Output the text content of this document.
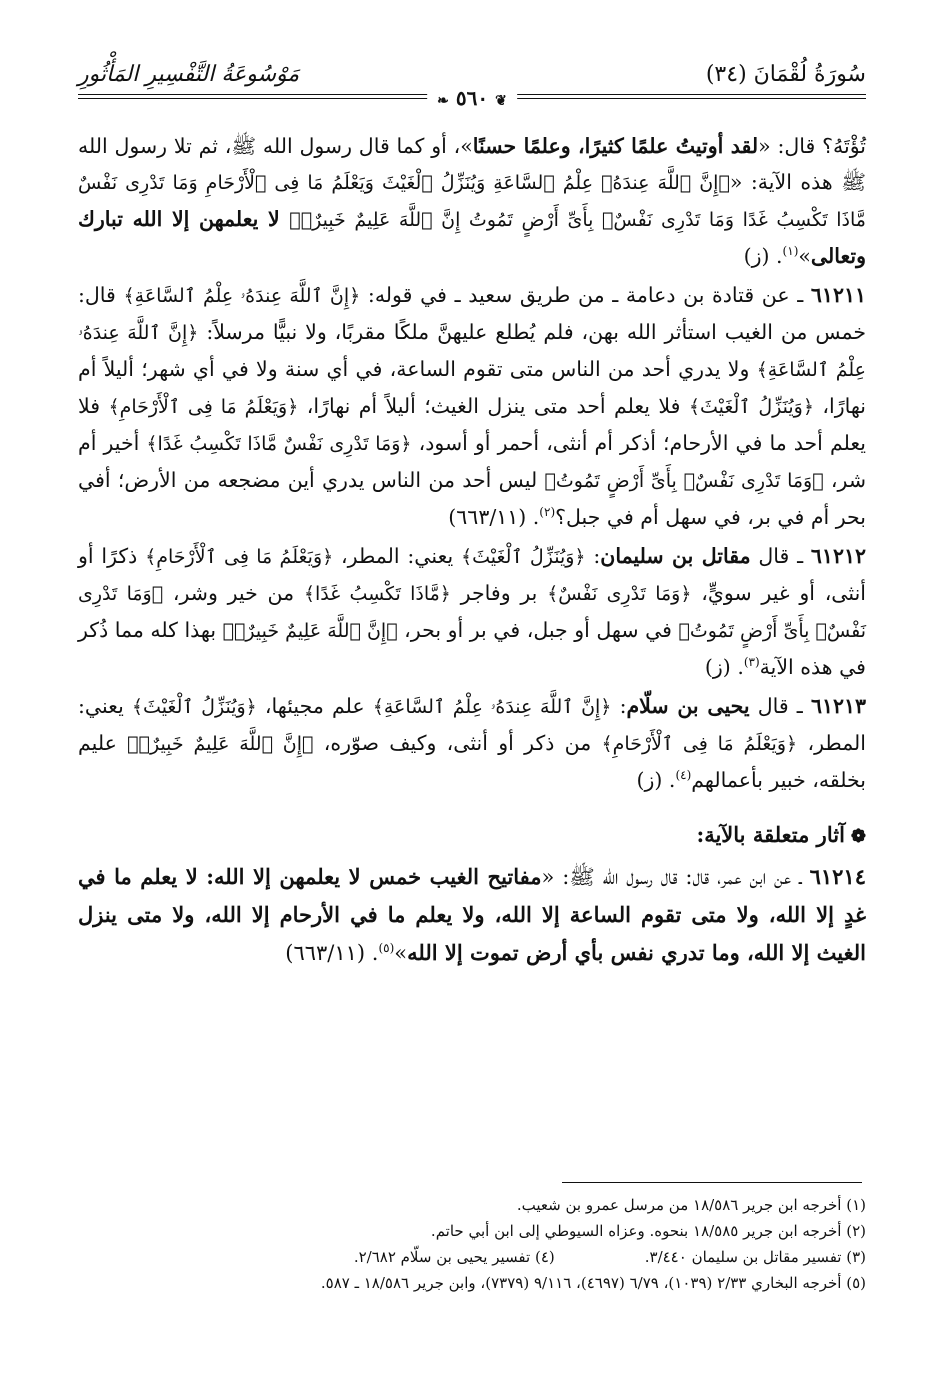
سُورَةُ لُقْمَانَ (٣٤)
مَوْسُوعَةُ التَّفْسِيرِ المَأْثُورِ
❦ ٥٦٠ ❧

تُؤْتَهُ؟ قال: «لقد أوتيتُ علمًا كثيرًا، وعلمًا حسنًا»، أو كما قال رسول الله ﷺ، ثم تلا رسول الله ﷺ هذه الآية: «﴿إِنَّ ٱللَّهَ عِندَهُۥ عِلْمُ ٱلسَّاعَةِ وَيُنَزِّلُ ٱلْغَيْثَ وَيَعْلَمُ مَا فِى ٱلْأَرْحَامِ وَمَا تَدْرِى نَفْسٌ مَّاذَا تَكْسِبُ غَدًا وَمَا تَدْرِى نَفْسٌۢ بِأَىِّ أَرْضٍ تَمُوتُ إِنَّ ٱللَّهَ عَلِيمٌ خَبِيرٌۢ﴾ لا يعلمهن إلا الله تبارك وتعالى»$^{(١)}$. (ز)

٦١٢١١ ـ عن قتادة بن دعامة ـ من طريق سعيد ـ في قوله: ﴿إِنَّ ٱللَّهَ عِندَهُۥ عِلْمُ ٱلسَّاعَةِ﴾ قال: خمس من الغيب استأثر الله بهن، فلم يُطلع عليهنَّ ملكًا مقربًا، ولا نبيًّا مرسلاً: ﴿إِنَّ ٱللَّهَ عِندَهُۥ عِلْمُ ٱلسَّاعَةِ﴾ ولا يدري أحد من الناس متى تقوم الساعة، في أي سنة ولا في أي شهر؛ أليلاً أم نهارًا، ﴿وَيُنَزِّلُ ٱلْغَيْثَ﴾ فلا يعلم أحد متى ينزل الغيث؛ أليلاً أم نهارًا، ﴿وَيَعْلَمُ مَا فِى ٱلْأَرْحَامِ﴾ فلا يعلم أحد ما في الأرحام؛ أذكر أم أنثى، أحمر أو أسود، ﴿وَمَا تَدْرِى نَفْسٌ مَّاذَا تَكْسِبُ غَدًا﴾ أخير أم شر، ﴿وَمَا تَدْرِى نَفْسٌۢ بِأَىِّ أَرْضٍ تَمُوتُ﴾ ليس أحد من الناس يدري أين مضجعه من الأرض؛ أفي بحر أم في بر، في سهل أم في جبل؟$^{(٢)}$. (٦٦٣/١١)

٦١٢١٢ ـ قال مقاتل بن سليمان: ﴿وَيُنَزِّلُ ٱلْغَيْثَ﴾ يعني: المطر، ﴿وَيَعْلَمُ مَا فِى ٱلْأَرْحَامِ﴾ ذكرًا أو أنثى، أو غير سويٍّ، ﴿وَمَا تَدْرِى نَفْسٌ﴾ بر وفاجر ﴿مَّاذَا تَكْسِبُ غَدًا﴾ من خير وشر، ﴿وَمَا تَدْرِى نَفْسٌۢ بِأَىِّ أَرْضٍ تَمُوتُ﴾ في سهل أو جبل، في بر أو بحر، ﴿إِنَّ ٱللَّهَ عَلِيمٌ خَبِيرٌۢ﴾ بهذا كله مما ذُكر في هذه الآية$^{(٣)}$. (ز)

٦١٢١٣ ـ قال يحيى بن سلّام: ﴿إِنَّ ٱللَّهَ عِندَهُۥ عِلْمُ ٱلسَّاعَةِ﴾ علم مجيئها، ﴿وَيُنَزِّلُ ٱلْغَيْثَ﴾ يعني: المطر، ﴿وَيَعْلَمُ مَا فِى ٱلْأَرْحَامِ﴾ من ذكر أو أنثى، وكيف صوّره، ﴿إِنَّ ٱللَّهَ عَلِيمٌ خَبِيرٌۢ﴾ عليم بخلقه، خبير بأعمالهم$^{(٤)}$. (ز)

❁آثار متعلقة بالآية:

٦١٢١٤ ـ عن ابن عمر، قال: قال رسول الله ﷺ: «مفاتيح الغيب خمس لا يعلمهن إلا الله: لا يعلم ما في غدٍ إلا الله، ولا متى تقوم الساعة إلا الله، ولا يعلم ما في الأرحام إلا الله، ولا متى ينزل الغيث إلا الله، وما تدري نفس بأي أرض تموت إلا الله»$^{(٥)}$. (٦٦٣/١١)

(١) أخرجه ابن جرير ١٨/٥٨٦ من مرسل عمرو بن شعيب.

(٢) أخرجه ابن جرير ١٨/٥٨٥ بنحوه. وعزاه السيوطي إلى ابن أبي حاتم.

(٣) تفسير مقاتل بن سليمان ٣/٤٤٠.
(٤) تفسير يحيى بن سلّام ٢/٦٨٢.

(٥) أخرجه البخاري ٢/٣٣ (١٠٣٩)، ٦/٧٩ (٤٦٩٧)، ٩/١١٦ (٧٣٧٩)، وابن جرير ١٨/٥٨٦ ـ ٥٨٧.
